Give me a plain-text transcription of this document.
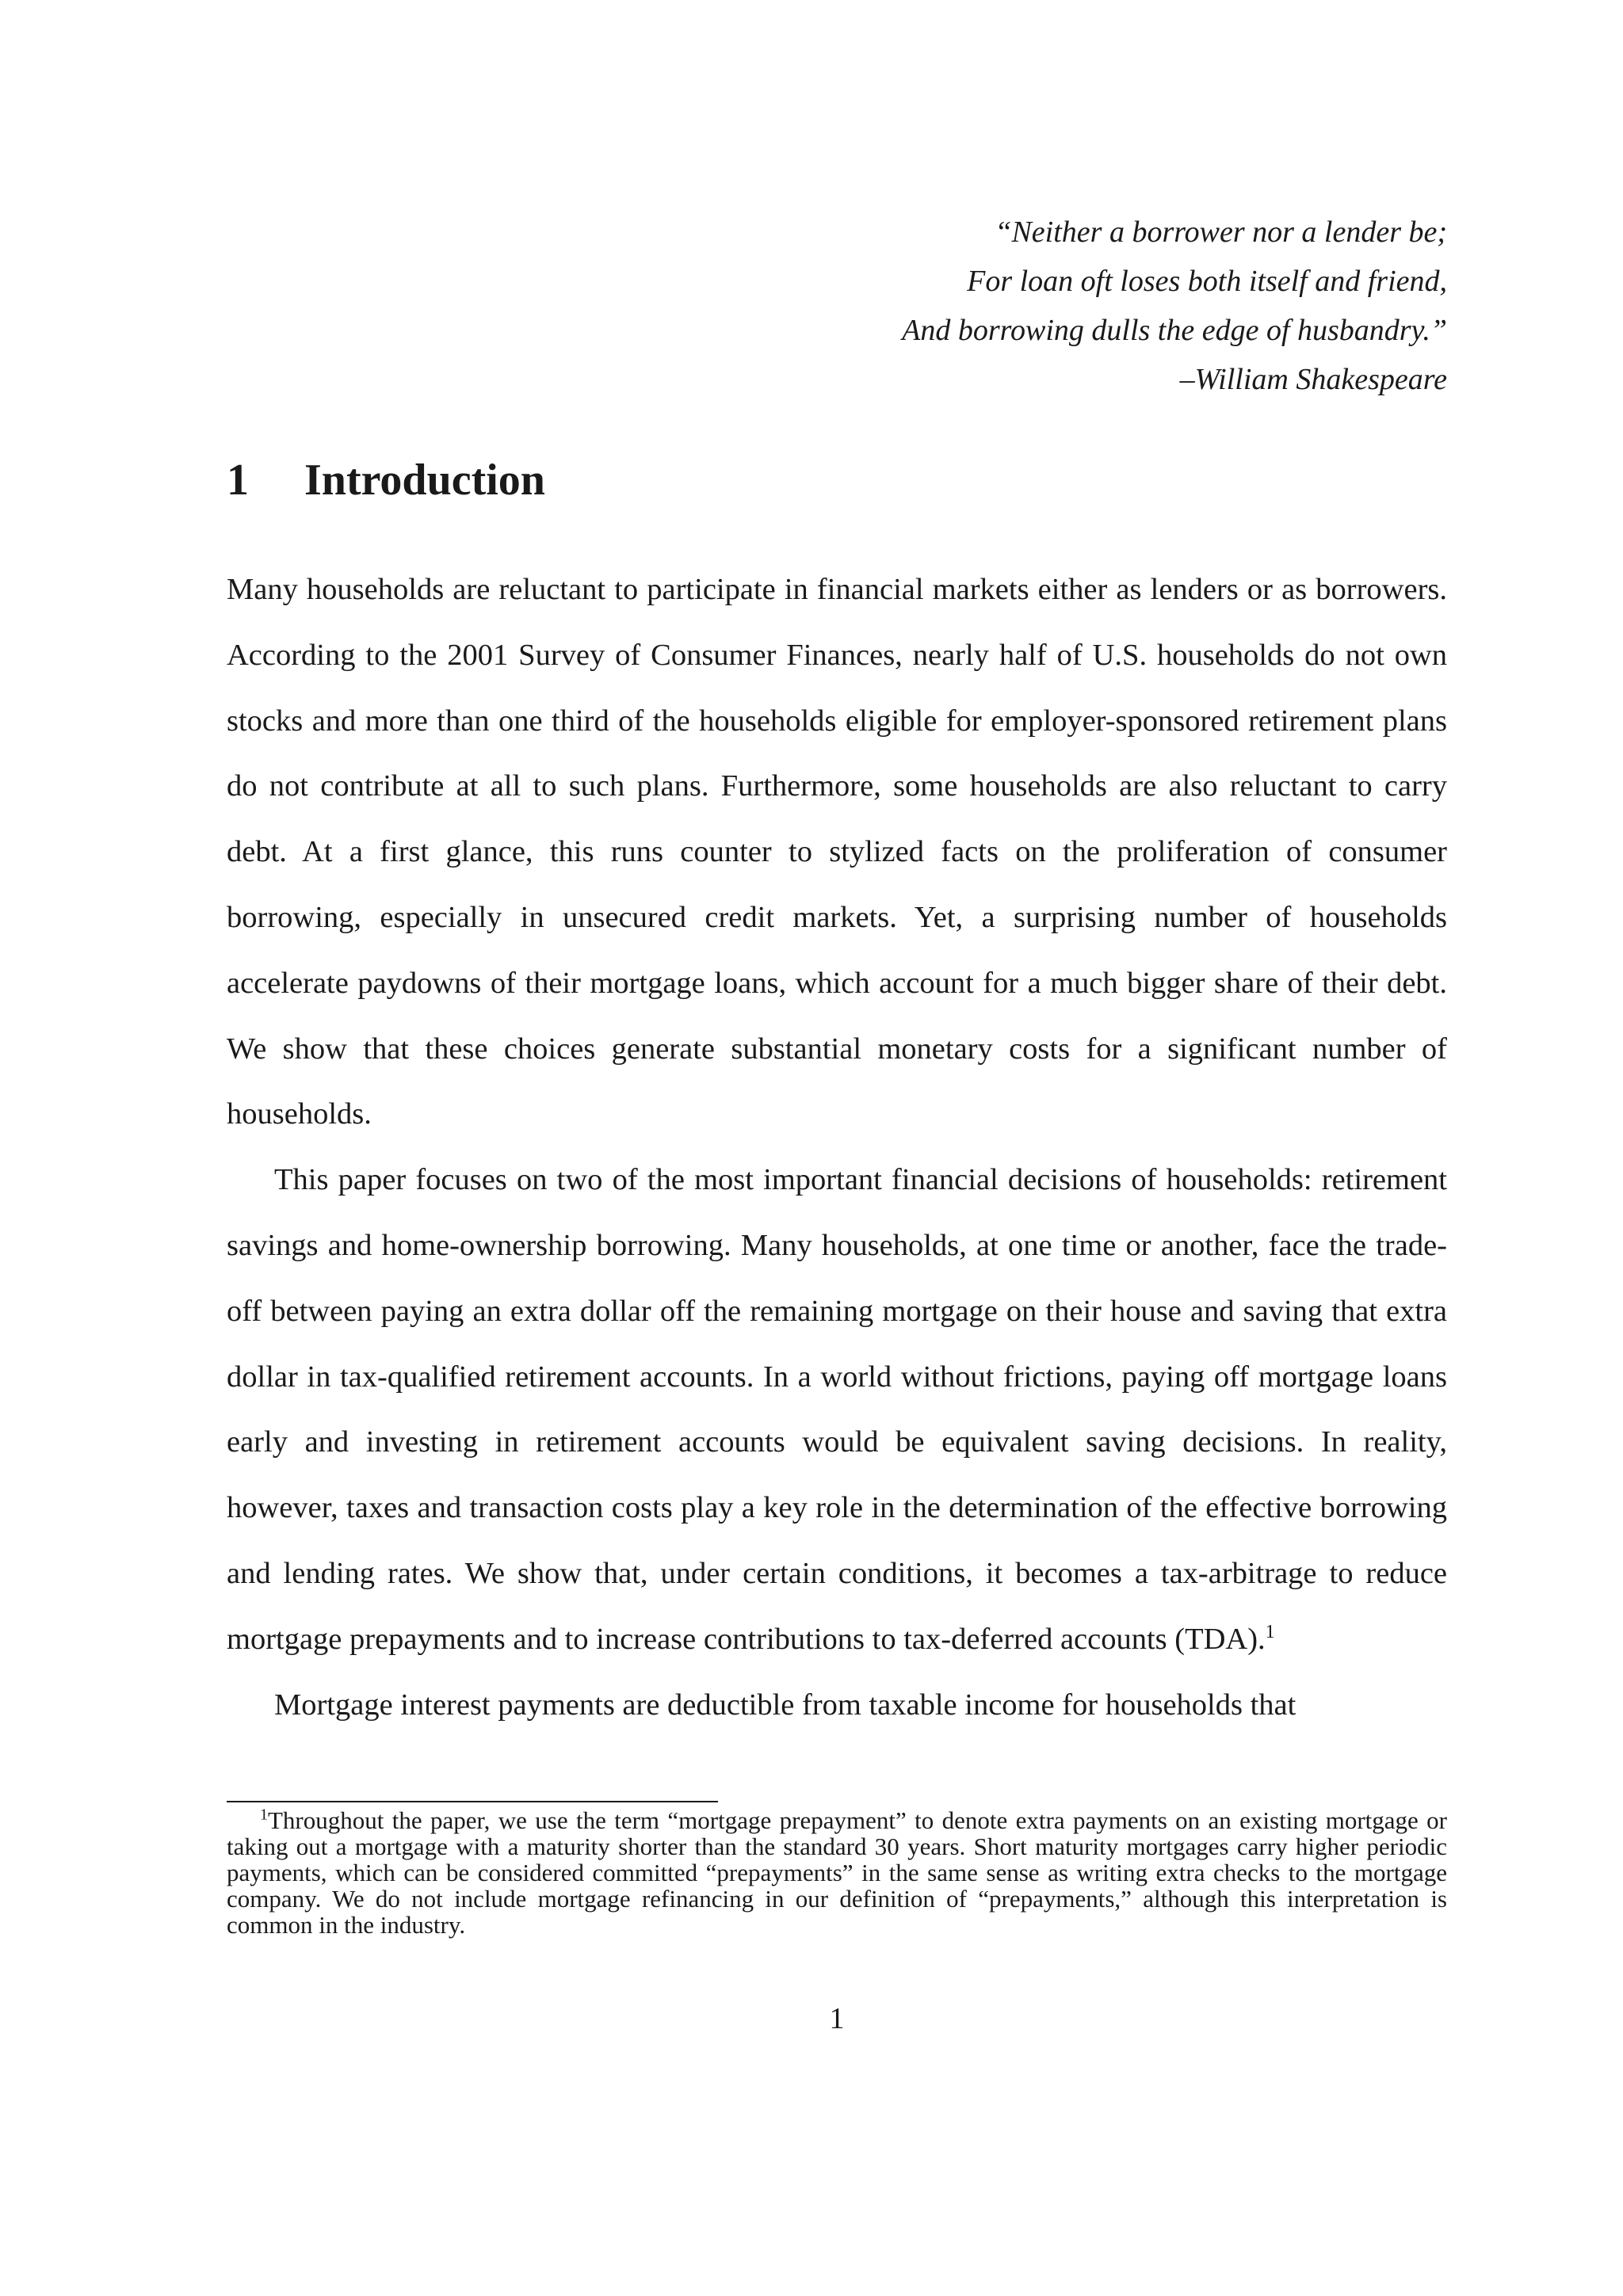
“Neither a borrower nor a lender be;
For loan oft loses both itself and friend,
And borrowing dulls the edge of husbandry.”
–William Shakespeare
1 Introduction

Many households are reluctant to participate in financial markets either as lenders or as borrowers. According to the 2001 Survey of Consumer Finances, nearly half of U.S. households do not own stocks and more than one third of the households eligible for employer-sponsored retirement plans do not contribute at all to such plans. Furthermore, some households are also reluctant to carry debt. At a first glance, this runs counter to stylized facts on the proliferation of consumer borrowing, especially in unsecured credit markets. Yet, a surprising number of households accelerate paydowns of their mortgage loans, which account for a much bigger share of their debt. We show that these choices generate substantial monetary costs for a significant number of households.

This paper focuses on two of the most important financial decisions of households: retirement savings and home-ownership borrowing. Many households, at one time or another, face the trade-off between paying an extra dollar off the remaining mortgage on their house and saving that extra dollar in tax-qualified retirement accounts. In a world without frictions, paying off mortgage loans early and investing in retirement accounts would be equivalent saving decisions. In reality, however, taxes and transaction costs play a key role in the determination of the effective borrowing and lending rates. We show that, under certain conditions, it becomes a tax-arbitrage to reduce mortgage prepayments and to increase contributions to tax-deferred accounts (TDA).$^1$

Mortgage interest payments are deductible from taxable income for households that

$^1$Throughout the paper, we use the term “mortgage prepayment” to denote extra payments on an existing mortgage or taking out a mortgage with a maturity shorter than the standard 30 years. Short maturity mortgages carry higher periodic payments, which can be considered committed “prepayments” in the same sense as writing extra checks to the mortgage company. We do not include mortgage refinancing in our definition of “prepayments,” although this interpretation is common in the industry.
1
